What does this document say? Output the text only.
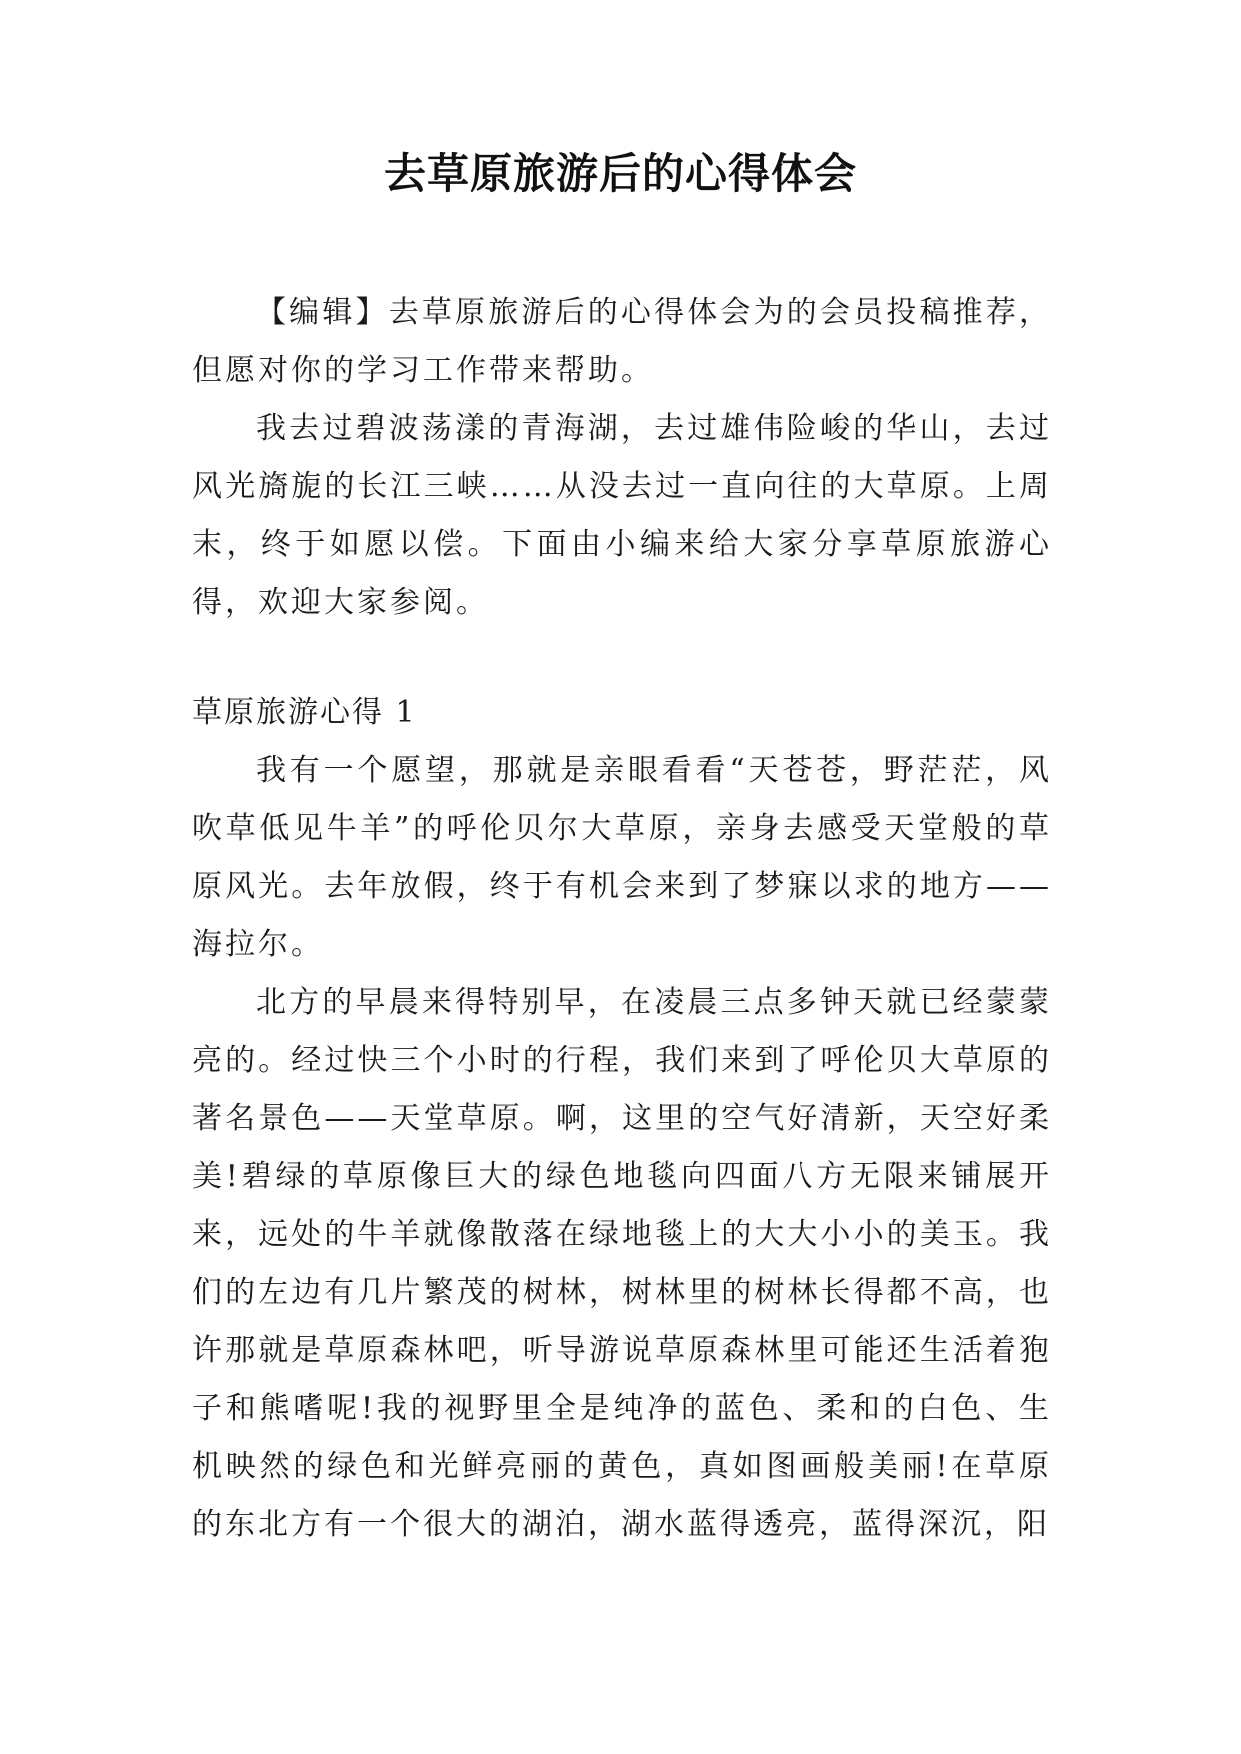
去草原旅游后的心得体会

【编辑】去草原旅游后的心得体会为的会员投稿推荐，但愿对你的学习工作带来帮助。

我去过碧波荡漾的青海湖，去过雄伟险峻的华山，去过风光旖旎的长江三峡……从没去过一直向往的大草原。上周末，终于如愿以偿。下面由小编来给大家分享草原旅游心得，欢迎大家参阅。

草原旅游心得 1

我有一个愿望，那就是亲眼看看“天苍苍，野茫茫，风吹草低见牛羊”的呼伦贝尔大草原，亲身去感受天堂般的草原风光。去年放假，终于有机会来到了梦寐以求的地方——海拉尔。

北方的早晨来得特别早，在凌晨三点多钟天就已经蒙蒙亮的。经过快三个小时的行程，我们来到了呼伦贝大草原的著名景色——天堂草原。啊，这里的空气好清新，天空好柔美!碧绿的草原像巨大的绿色地毯向四面八方无限来铺展开来，远处的牛羊就像散落在绿地毯上的大大小小的美玉。我们的左边有几片繁茂的树林，树林里的树林长得都不高，也许那就是草原森林吧，听导游说草原森林里可能还生活着狍子和熊嗜呢!我的视野里全是纯净的蓝色、柔和的白色、生机映然的绿色和光鲜亮丽的黄色，真如图画般美丽!在草原的东北方有一个很大的湖泊，湖水蓝得透亮，蓝得深沉，阳
